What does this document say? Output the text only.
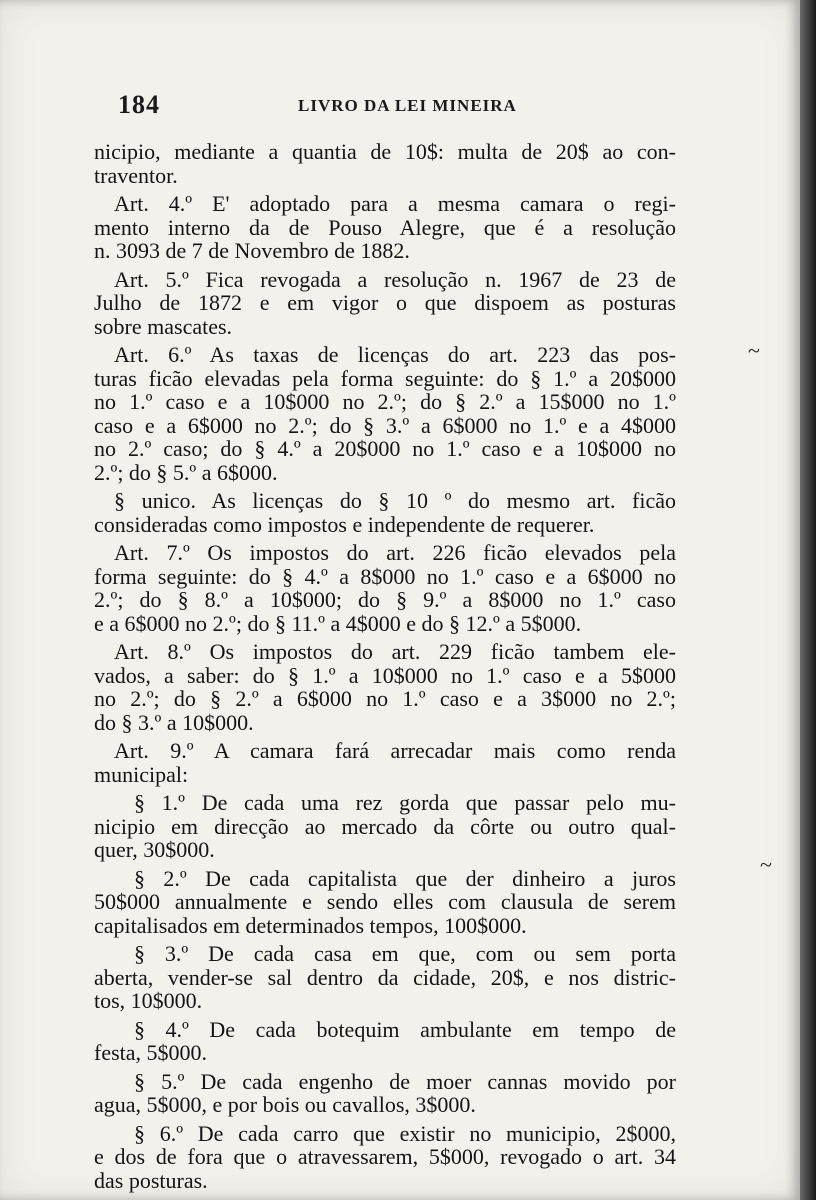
184	LIVRO DA LEI MINEIRA
nicipio, mediante a quantia de 10$: multa de 20$ ao con-
traventor.
Art. 4.º E' adoptado para a mesma camara o regi-
mento interno da de Pouso Alegre, que é a resolução
n. 3093 de 7 de Novembro de 1882.
Art. 5.º Fica revogada a resolução n. 1967 de 23 de
Julho de 1872 e em vigor o que dispoem as posturas
sobre mascates.
Art. 6.º As taxas de licenças do art. 223 das pos-
turas ficão elevadas pela forma seguinte: do § 1.º a 20$000
no 1.º caso e a 10$000 no 2.º; do § 2.º a 15$000 no 1.º
caso e a 6$000 no 2.º; do § 3.º a 6$000 no 1.º e a 4$000
no 2.º caso; do § 4.º a 20$000 no 1.º caso e a 10$000 no
2.º; do § 5.º a 6$000.
§ unico. As licenças do § 10 º do mesmo art. ficão
consideradas como impostos e independente de requerer.
Art. 7.º Os impostos do art. 226 ficão elevados pela
forma seguinte: do § 4.º a 8$000 no 1.º caso e a 6$000 no
2.º; do § 8.º a 10$000; do § 9.º a 8$000 no 1.º caso
e a 6$000 no 2.º; do § 11.º a 4$000 e do § 12.º a 5$000.
Art. 8.º Os impostos do art. 229 ficão tambem ele-
vados, a saber: do § 1.º a 10$000 no 1.º caso e a 5$000
no 2.º; do § 2.º a 6$000 no 1.º caso e a 3$000 no 2.º;
do § 3.º a 10$000.
Art. 9.º A camara fará arrecadar mais como renda
municipal:
§ 1.º De cada uma rez gorda que passar pelo mu-
nicipio em direcção ao mercado da côrte ou outro qual-
quer, 30$000.
§ 2.º De cada capitalista que der dinheiro a juros
50$000 annualmente e sendo elles com clausula de serem
capitalisados em determinados tempos, 100$000.
§ 3.º De cada casa em que, com ou sem porta
aberta, vender-se sal dentro da cidade, 20$, e nos distric-
tos, 10$000.
§ 4.º De cada botequim ambulante em tempo de
festa, 5$000.
§ 5.º De cada engenho de moer cannas movido por
agua, 5$000, e por bois ou cavallos, 3$000.
§ 6.º De cada carro que existir no municipio, 2$000,
e dos de fora que o atravessarem, 5$000, revogado o art. 34
das posturas.
~
~
